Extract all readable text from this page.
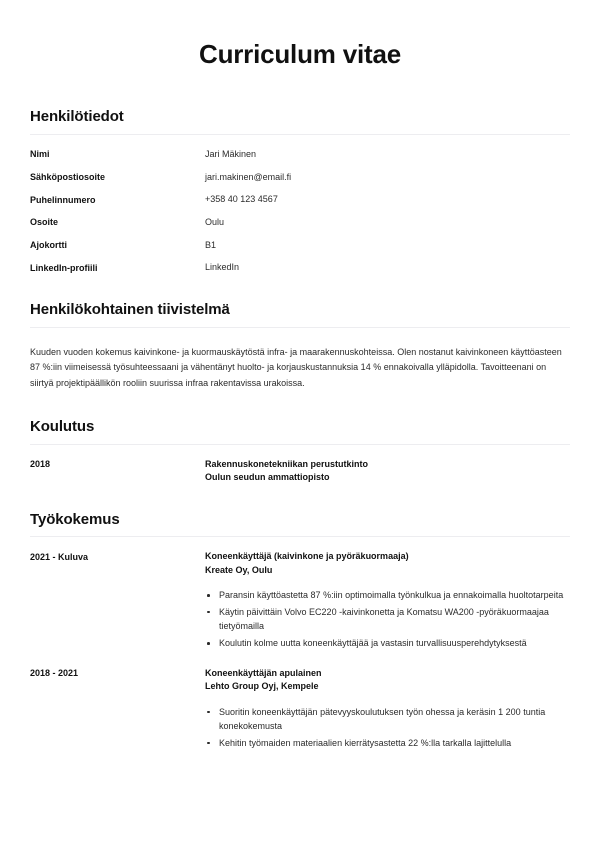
Curriculum vitae
Henkilötiedot
Nimi	Jari Mäkinen
Sähköpostiosoite	jari.makinen@email.fi
Puhelinnumero	+358 40 123 4567
Osoite	Oulu
Ajokortti	B1
LinkedIn-profiili	LinkedIn
Henkilökohtainen tiivistelmä

Kuuden vuoden kokemus kaivinkone- ja kuormauskäytöstä infra- ja maarakennuskohteissa. Olen nostanut kaivinkoneen käyttöasteen 87 %:iin viimeisessä työsuhteessaani ja vähentänyt huolto- ja korjauskustannuksia 14 % ennakoivalla ylläpidolla. Tavoitteenani on siirtyä projektipäällikön rooliin suurissa infraa rakentavissa urakoissa.

Koulutus
2018	Rakennuskonetekniikan perustutkinto
Oulun seudun ammattiopisto
Työkokemus
2021 - Kuluva	Koneenkäyttäjä (kaivinkone ja pyöräkuormaaja)
Kreate Oy, Oulu
Paransin käyttöastetta 87 %:iin optimoimalla työnkulkua ja ennakoimalla huoltotarpeita
Käytin päivittäin Volvo EC220 -kaivinkonetta ja Komatsu WA200 -pyöräkuormaajaa tietyömailla
Koulutin kolme uutta koneenkäyttäjää ja vastasin turvallisuusperehdytyksestä
2018 - 2021	Koneenkäyttäjän apulainen
Lehto Group Oyj, Kempele
Suoritin koneenkäyttäjän pätevyyskoulutuksen työn ohessa ja keräsin 1 200 tuntia konekokemusta
Kehitin työmaiden materiaalien kierrätysastetta 22 %:lla tarkalla lajittelulla
